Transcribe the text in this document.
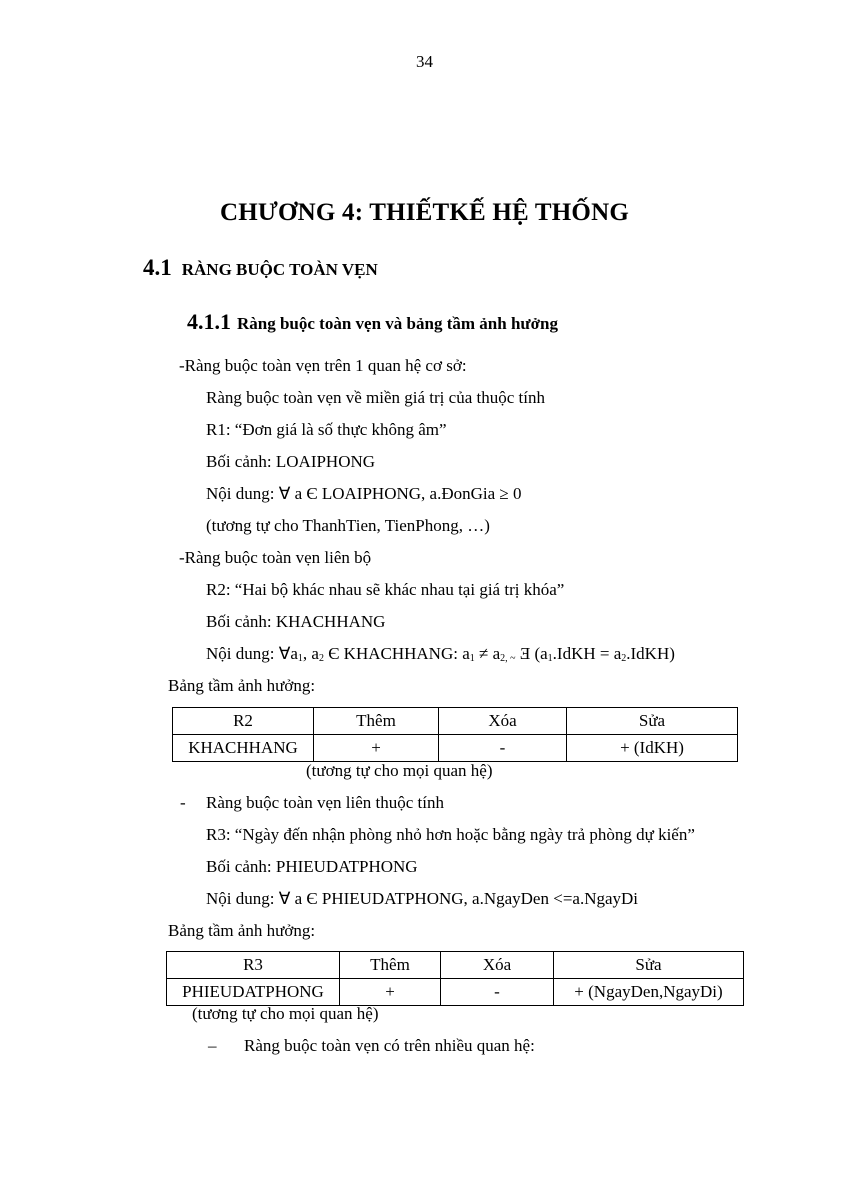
34
CHƯƠNG 4: THIẾTKẾ HỆ THỐNG
4.1 RÀNG BUỘC TOÀN VẸN
4.1.1 Ràng buộc toàn vẹn và bảng tầm ảnh hưởng
-Ràng buộc toàn vẹn trên 1 quan hệ cơ sở:
Ràng buộc toàn vẹn về miền giá trị của thuộc tính
R1: “Đơn giá là số thực không âm”
Bối cảnh: LOAIPHONG
Nội dung: ∀ a Є LOAIPHONG, a.ĐonGia ≥ 0
(tương tự cho ThanhTien, TienPhong, …)
-Ràng buộc toàn vẹn liên bộ
R2: “Hai bộ khác nhau sẽ khác nhau tại giá trị khóa”
Bối cảnh: KHACHHANG
Nội dung: $\forall a_1$, $a_2$ Є KHACHHANG: $a_1 \ne a_{2, \sim}$ Ǝ ($a_1.IdKH$ = $a_2.IdKH$)
Bảng tầm ảnh hưởng:
R2	Thêm	Xóa	Sửa
KHACHHANG	+	-	+ (IdKH)
(tương tự cho mọi quan hệ)
- Ràng buộc toàn vẹn liên thuộc tính
R3: “Ngày đến nhận phòng nhỏ hơn hoặc bằng ngày trả phòng dự kiến”
Bối cảnh: PHIEUDATPHONG
Nội dung: ∀ a Є PHIEUDATPHONG, a.NgayDen <=a.NgayDi
Bảng tầm ảnh hưởng:
R3	Thêm	Xóa	Sửa
PHIEUDATPHONG	+	-	+ (NgayDen,NgayDi)
(tương tự cho mọi quan hệ)
– Ràng buộc toàn vẹn có trên nhiều quan hệ:
